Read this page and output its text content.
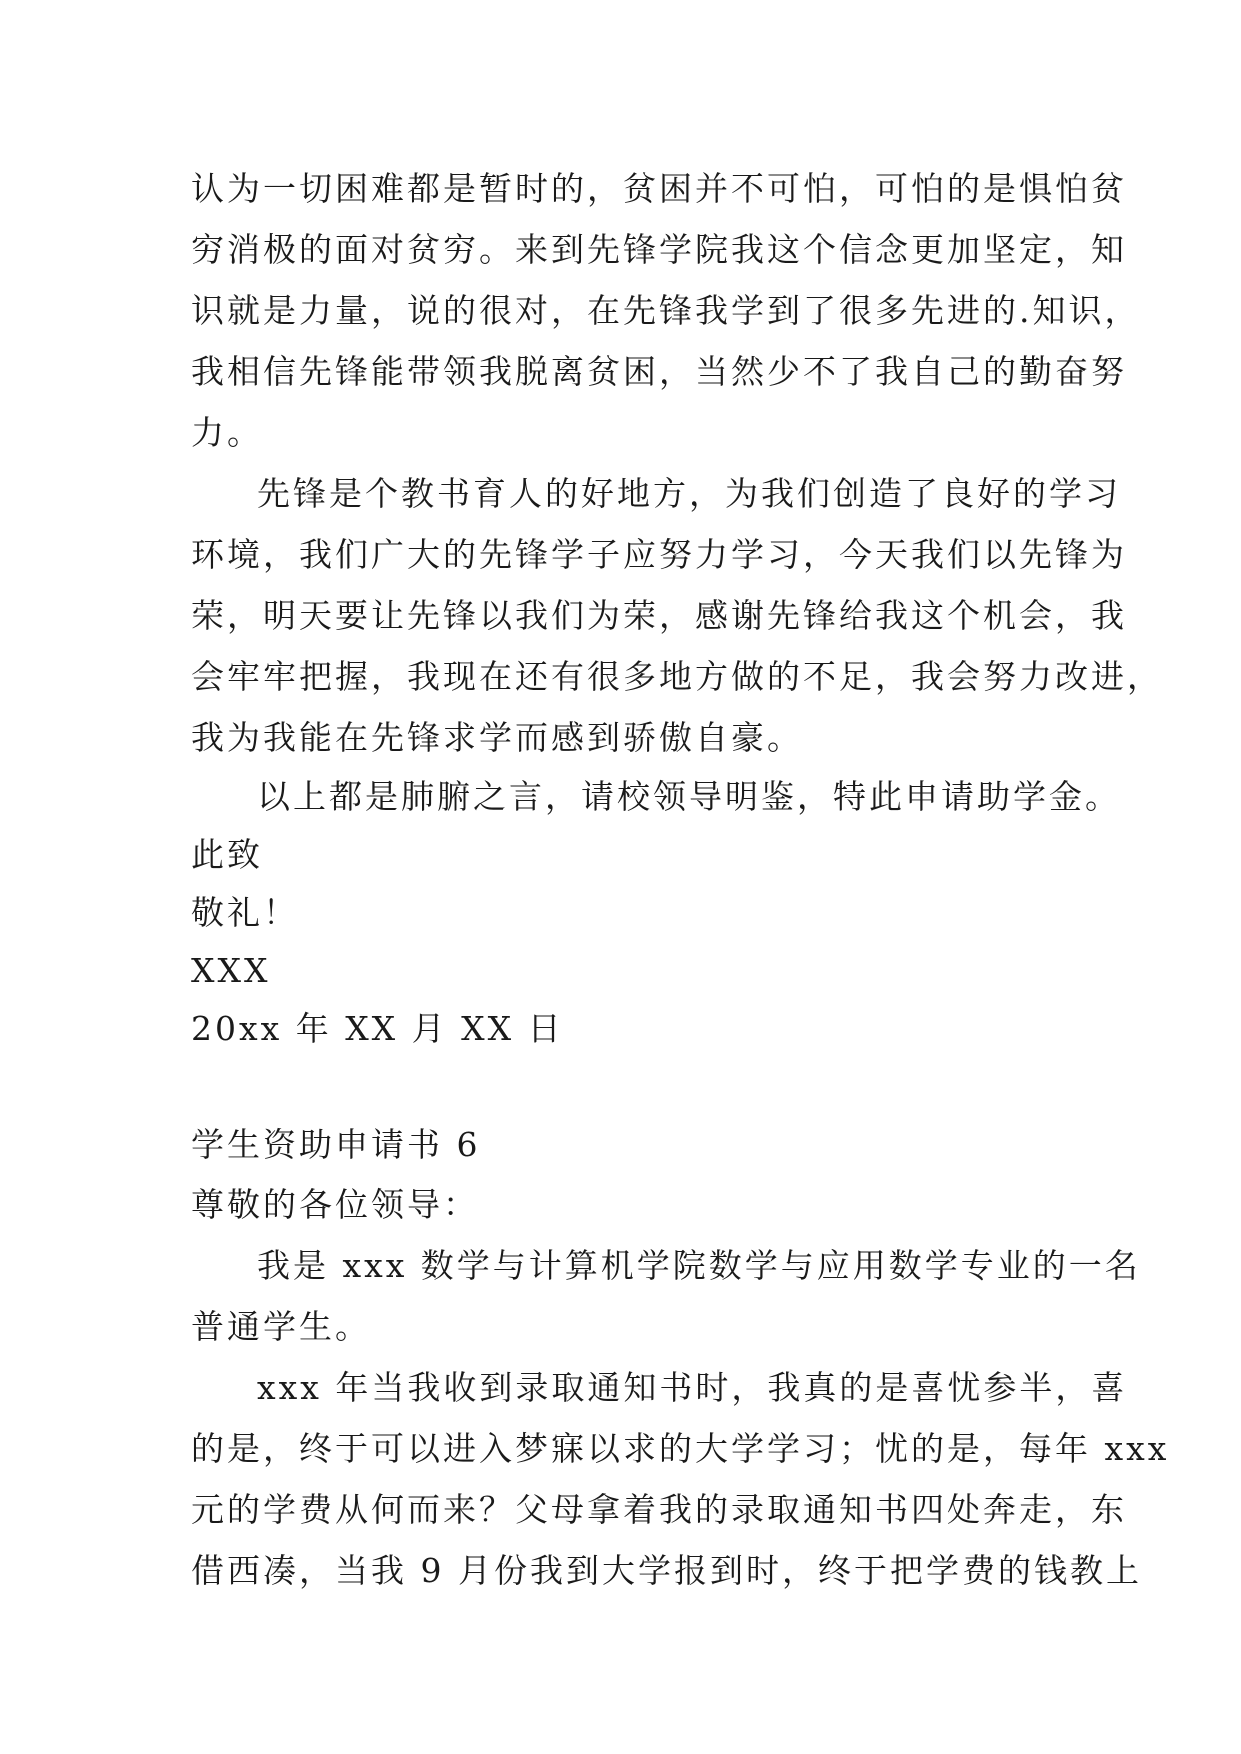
认为一切困难都是暂时的，贫困并不可怕，可怕的是惧怕贫
穷消极的面对贫穷。来到先锋学院我这个信念更加坚定，知
识就是力量，说的很对，在先锋我学到了很多先进的.知识，
我相信先锋能带领我脱离贫困，当然少不了我自己的勤奋努
力。
先锋是个教书育人的好地方，为我们创造了良好的学习
环境，我们广大的先锋学子应努力学习，今天我们以先锋为
荣，明天要让先锋以我们为荣，感谢先锋给我这个机会，我
会牢牢把握，我现在还有很多地方做的不足，我会努力改进，
我为我能在先锋求学而感到骄傲自豪。
以上都是肺腑之言，请校领导明鉴，特此申请助学金。
此致
敬礼！
XXX
20xx 年 XX 月 XX 日
学生资助申请书 6
尊敬的各位领导：
我是 xxx 数学与计算机学院数学与应用数学专业的一名
普通学生。
xxx 年当我收到录取通知书时，我真的是喜忧参半，喜
的是，终于可以进入梦寐以求的大学学习；忧的是，每年 xxx
元的学费从何而来？父母拿着我的录取通知书四处奔走，东
借西凑，当我 9 月份我到大学报到时，终于把学费的钱教上
